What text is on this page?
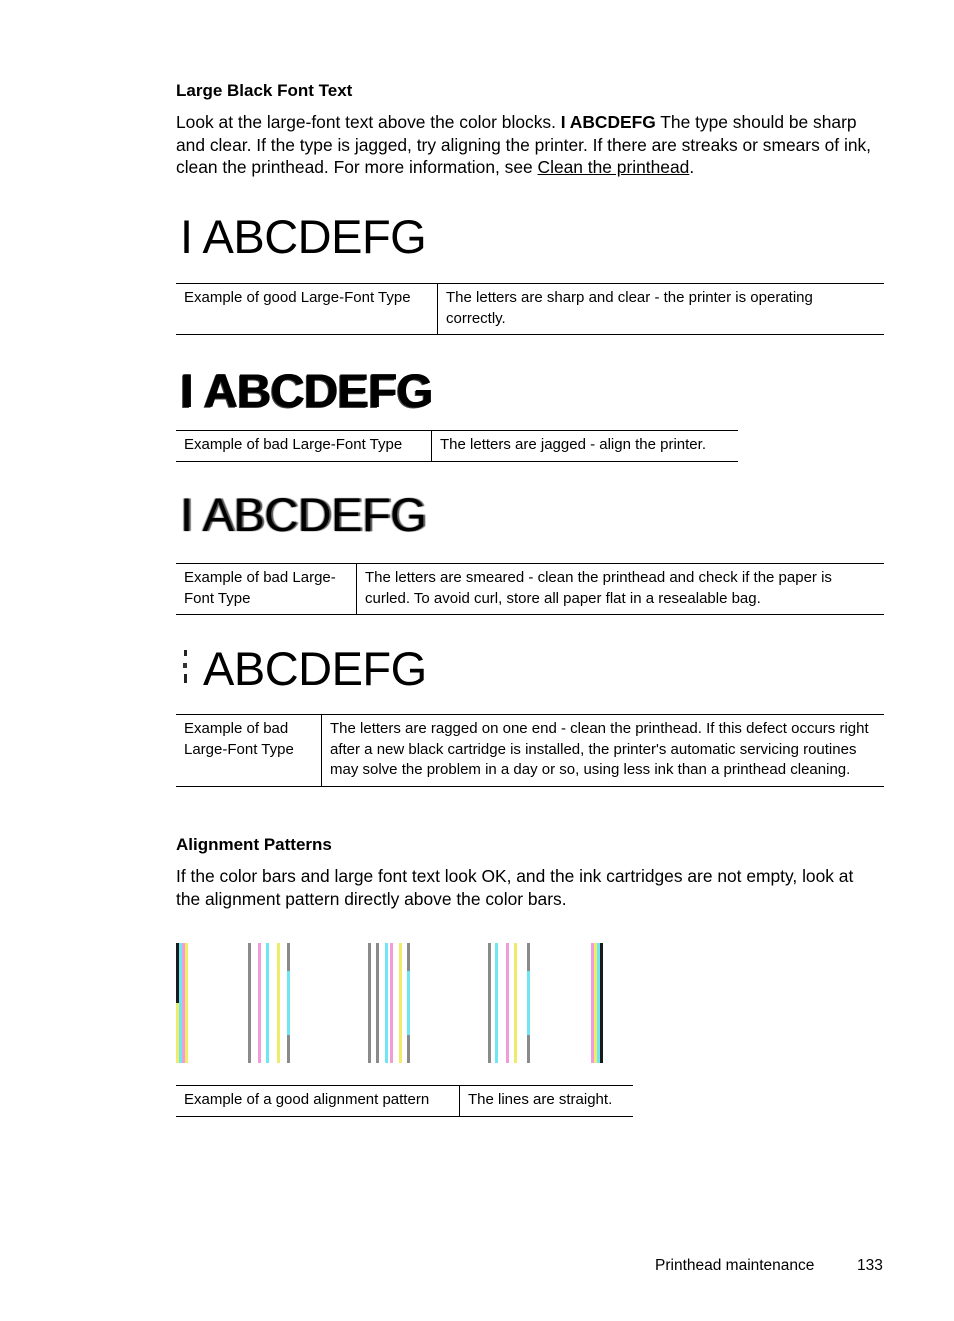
Large Black Font Text
Look at the large-font text above the color blocks. I ABCDEFG The type should be sharp and clear. If the type is jagged, try aligning the printer. If there are streaks or smears of ink, clean the printhead. For more information, see Clean the printhead.
I ABCDEFG
Example of good Large-Font Type	The letters are sharp and clear - the printer is operating correctly.
I ABCDEFG
Example of bad Large-Font Type	The letters are jagged - align the printer.
I ABCDEFG
Example of bad Large-Font Type	The letters are smeared - clean the printhead and check if the paper is curled. To avoid curl, store all paper flat in a resealable bag.
ABCDEFG
Example of bad Large-Font Type	The letters are ragged on one end - clean the printhead. If this defect occurs right after a new black cartridge is installed, the printer's automatic servicing routines may solve the problem in a day or so, using less ink than a printhead cleaning.
Alignment Patterns
If the color bars and large font text look OK, and the ink cartridges are not empty, look at the alignment pattern directly above the color bars.
Example of a good alignment pattern	The lines are straight.
Printhead maintenance	133
